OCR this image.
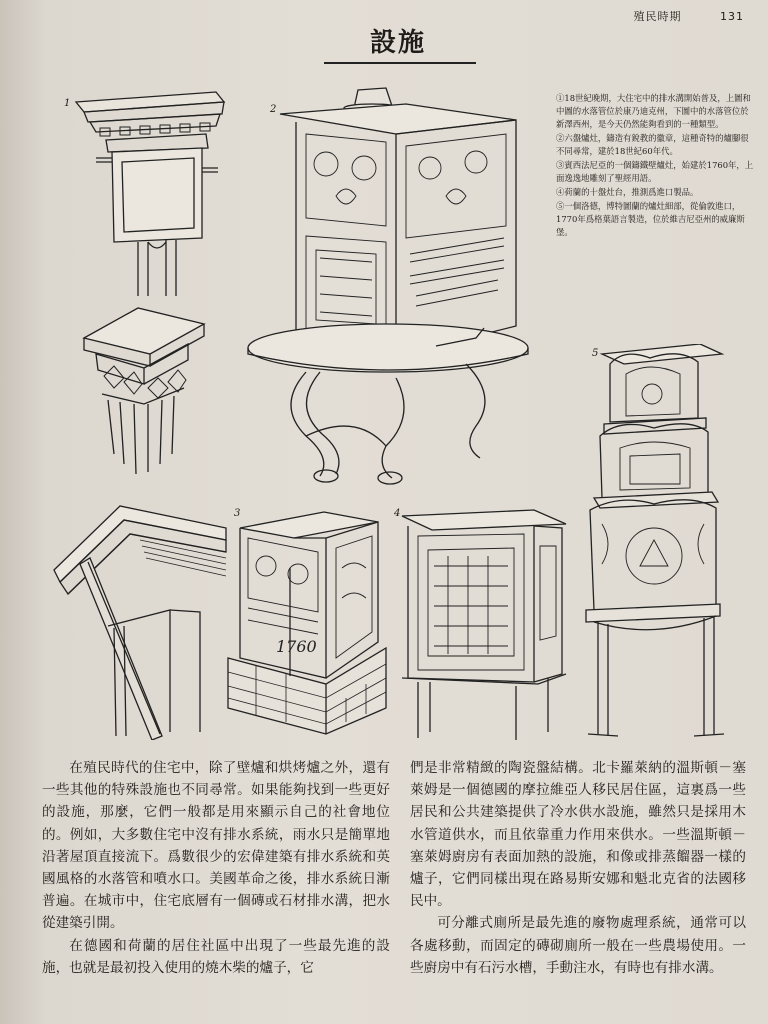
殖民時期	131
設施
1
2
3	4
5
1760

①18世紀晚期，大住宅中的排水溝開始普及，上圖和中圖的水落管位於康乃迪克州，下圖中的水落管位於新澤西州，是今天仍然能夠看到的一種類型。

②六盤爐灶，鑄造有銳教的徽章，這種奇特的爐腳很不同尋常，建於18世紀60年代。

③賓西法尼亞的一個鑄鐵壁爐灶，始建於1760年，上面逸逸地雕刻了聖經用語。

④荷蘭的十盤灶台，推測爲進口製品。

⑤一個洛德，博特圖蘭的爐灶細部，從倫敦進口，1770年爲格葉語言製造，位於維吉尼亞州的威廉斯堡。

在殖民時代的住宅中，除了壁爐和烘烤爐之外，還有一些其他的特殊設施也不同尋常。如果能夠找到一些更好的設施，那麼，它們一般都是用來顯示自己的社會地位的。例如，大多數住宅中沒有排水系統，雨水只是簡單地沿著屋頂直接流下。爲數很少的宏偉建築有排水系統和英國風格的水落管和噴水口。美國革命之後，排水系統日漸普遍。在城市中，住宅底層有一個磚或石材排水溝，把水從建築引開。

在德國和荷蘭的居住社區中出現了一些最先進的設施，也就是最初投入使用的燒木柴的爐子，它

們是非常精緻的陶瓷盤結構。北卡羅萊納的溫斯頓－塞萊姆是一個德國的摩拉維亞人移民居住區，這裏爲一些居民和公共建築提供了冷水供水設施，雖然只是採用木水管道供水，而且依靠重力作用來供水。一些溫斯頓－塞萊姆廚房有表面加熱的設施，和像或排蒸餾器一樣的爐子，它們同樣出現在路易斯安娜和魁北克省的法國移民中。

可分離式廁所是最先進的廢物處理系統，通常可以各處移動，而固定的磚砌廁所一般在一些農場使用。一些廚房中有石污水槽，手動注水，有時也有排水溝。
